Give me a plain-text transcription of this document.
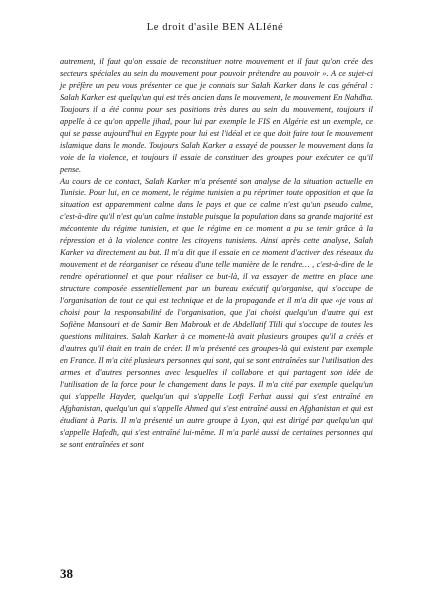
Le droit d'asile BEN ALIéné

autrement, il faut qu'on essaie de reconstituer notre mouvement et il faut qu'on crée des secteurs spéciales au sein du mouvement pour pouvoir prétendre au pouvoir ». A ce sujet-ci je préfère un peu vous présenter ce que je connais sur Salah Karker dans le cas général : Salah Karker est quelqu'un qui est très ancien dans le mouvement, le mouvement En Nahdha. Toujours il a été connu pour ses positions très dures au sein du mouvement, toujours il appelle à ce qu'on appelle jihad, pour lui par exemple le FIS en Algérie est un exemple, ce qui se passe aujourd'hui en Egypte pour lui est l'idéal et ce que doit faire tout le mouvement islamique dans le monde. Toujours Salah Karker a essayé de pousser le mouvement dans la voie de la violence, et toujours il essaie de constituer des groupes pour exécuter ce qu'il pense.

Au cours de ce contact, Salah Karker m'a présenté son analyse de la situation actuelle en Tunisie. Pour lui, en ce moment, le régime tunisien a pu réprimer toute opposition et que la situation est apparemment calme dans le pays et que ce calme n'est qu'un pseudo calme, c'est-à-dire qu'il n'est qu'un calme instable puisque la population dans sa grande majorité est mécontente du régime tunisien, et que le régime en ce moment a pu se tenir grâce à la répression et à la violence contre les citoyens tunisiens. Ainsi après cette analyse, Salah Karker va directement au but. Il m'a dit que il essaie en ce moment d'activer des réseaux du mouvement et de réorganiser ce réseau d'une telle manière de le rendre… , c'est-à-dire de le rendre opérationnel et que pour réaliser ce but-là, il va essayer de mettre en place une structure composée essentiellement par un bureau exécutif qu'organise, qui s'occupe de l'organisation de tout ce qui est technique et de la propagande et il m'a dit que «je vous ai choisi pour la responsabilité de l'organisation, que j'ai choisi quelqu'un d'autre qui est Sofiène Mansouri et de Samir Ben Mabrouk et de Abdellatif Tlili qui s'occupe de toutes les questions militaires. Salah Karker à ce moment-là avait plusieurs groupes qu'il a créés et d'autres qu'il était en train de créer. Il m'a présenté ces groupes-là qui existent par exemple en France. Il m'a cité plusieurs personnes qui sont, qui se sont entraînées sur l'utilisation des armes et d'autres personnes avec lesquelles il collabore et qui partagent son idée de l'utilisation de la force pour le changement dans le pays. Il m'a cité par exemple quelqu'un qui s'appelle Hayder, quelqu'un qui s'appelle Lotfi Ferhat aussi qui s'est entraîné en Afghanistan, quelqu'un qui s'appelle Ahmed qui s'est entraîné aussi en Afghanistan et qui est étudiant à Paris. Il m'a présenté un autre groupe à Lyon, qui est dirigé par quelqu'un qui s'appelle Hafedh, qui s'est entraîné lui-même. Il m'a parlé aussi de certaines personnes qui se sont entraînées et sont

38
